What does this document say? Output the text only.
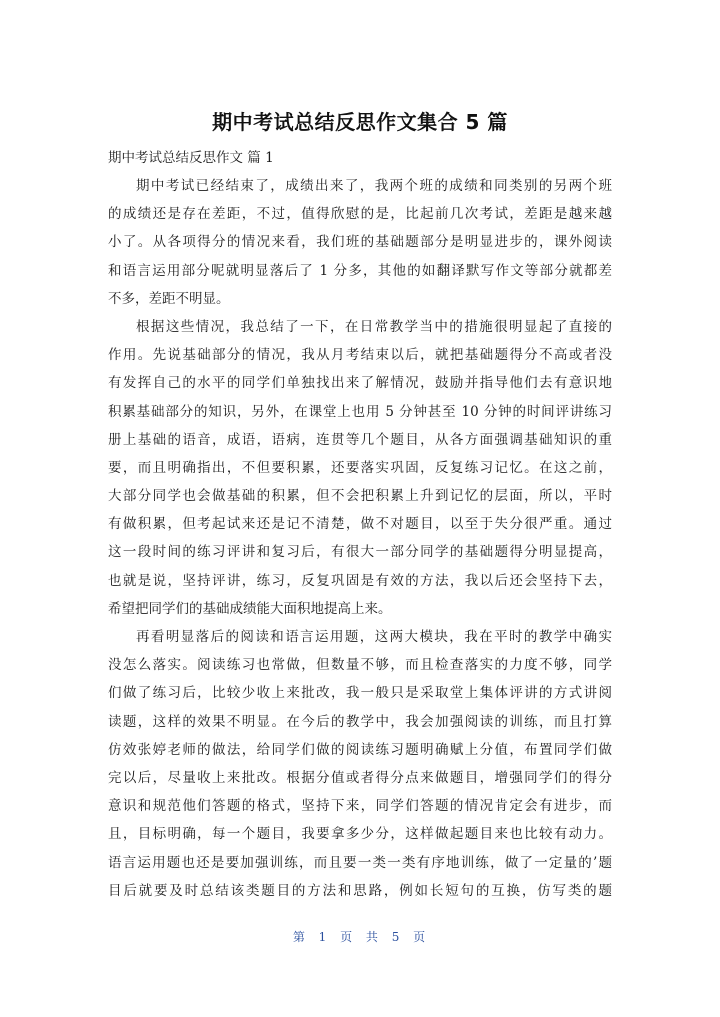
期中考试总结反思作文集合 5 篇
期中考试总结反思作文 篇 1
期中考试已经结束了，成绩出来了，我两个班的成绩和同类别的另两个班
的成绩还是存在差距，不过，值得欣慰的是，比起前几次考试，差距是越来越
小了。从各项得分的情况来看，我们班的基础题部分是明显进步的，课外阅读
和语言运用部分呢就明显落后了 1 分多，其他的如翻译默写作文等部分就都差
不多，差距不明显。
根据这些情况，我总结了一下，在日常教学当中的措施很明显起了直接的
作用。先说基础部分的情况，我从月考结束以后，就把基础题得分不高或者没
有发挥自己的水平的同学们单独找出来了解情况，鼓励并指导他们去有意识地
积累基础部分的知识，另外，在课堂上也用 5 分钟甚至 10 分钟的时间评讲练习
册上基础的语音，成语，语病，连贯等几个题目，从各方面强调基础知识的重
要，而且明确指出，不但要积累，还要落实巩固，反复练习记忆。在这之前，
大部分同学也会做基础的积累，但不会把积累上升到记忆的层面，所以，平时
有做积累，但考起试来还是记不清楚，做不对题目，以至于失分很严重。通过
这一段时间的练习评讲和复习后，有很大一部分同学的基础题得分明显提高，
也就是说，坚持评讲，练习，反复巩固是有效的方法，我以后还会坚持下去，
希望把同学们的基础成绩能大面积地提高上来。
再看明显落后的阅读和语言运用题，这两大模块，我在平时的教学中确实
没怎么落实。阅读练习也常做，但数量不够，而且检查落实的力度不够，同学
们做了练习后，比较少收上来批改，我一般只是采取堂上集体评讲的方式讲阅
读题，这样的效果不明显。在今后的教学中，我会加强阅读的训练，而且打算
仿效张婷老师的做法，给同学们做的阅读练习题明确赋上分值，布置同学们做
完以后，尽量收上来批改。根据分值或者得分点来做题目，增强同学们的得分
意识和规范他们答题的格式，坚持下来，同学们答题的情况肯定会有进步，而
且，目标明确，每一个题目，我要拿多少分，这样做起题目来也比较有动力。
语言运用题也还是要加强训练，而且要一类一类有序地训练，做了一定量的’题
目后就要及时总结该类题目的方法和思路，例如长短句的互换，仿写类的题
第 1 页 共 5 页
